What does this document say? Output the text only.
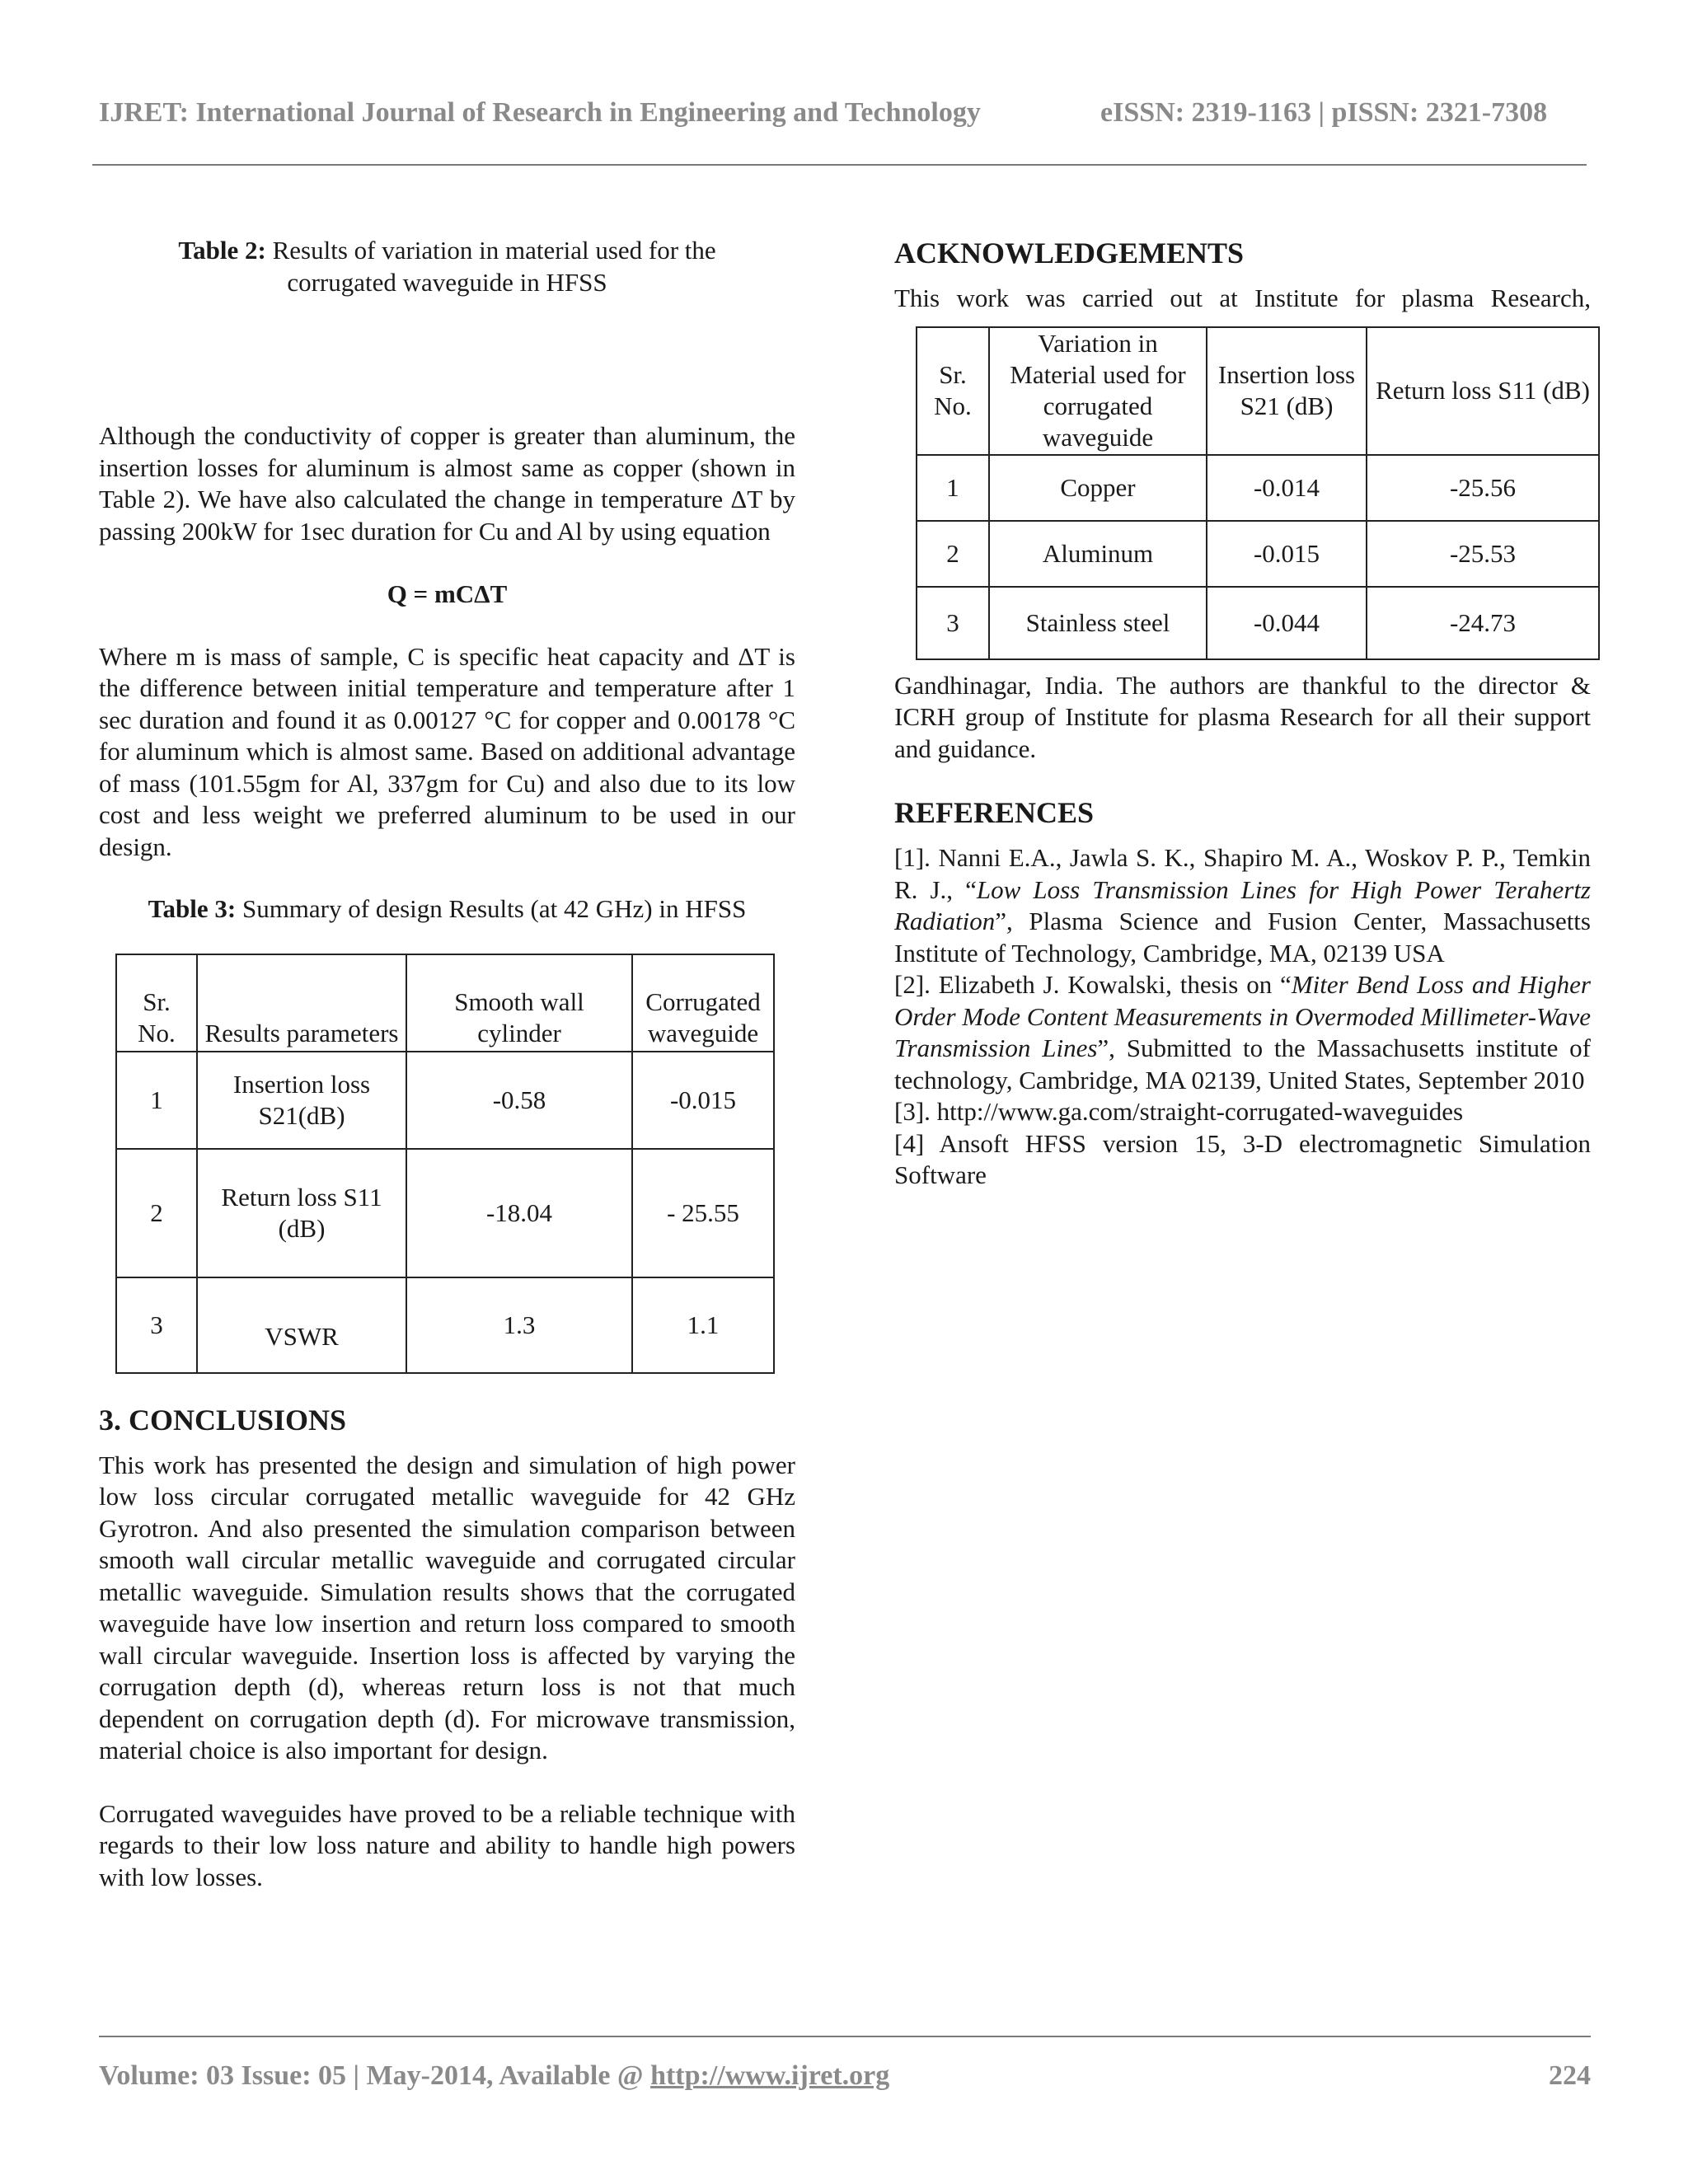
IJRET: International Journal of Research in Engineering and Technology	eISSN: 2319-1163 | pISSN: 2321-7308
Table 2: Results of variation in material used for the corrugated waveguide in HFSS

Although the conductivity of copper is greater than aluminum, the insertion losses for aluminum is almost same as copper (shown in Table 2). We have also calculated the change in temperature ΔT by passing 200kW for 1sec duration for Cu and Al by using equation

Q = mCΔT

Where m is mass of sample, C is specific heat capacity and ΔT is the difference between initial temperature and temperature after 1 sec duration and found it as 0.00127 °C for copper and 0.00178 °C for aluminum which is almost same. Based on additional advantage of mass (101.55gm for Al, 337gm for Cu) and also due to its low cost and less weight we preferred aluminum to be used in our design.

Table 3: Summary of design Results (at 42 GHz) in HFSS
Sr. No.	Results parameters	Smooth wall cylinder	Corrugated waveguide
1	Insertion loss S21(dB)	-0.58	-0.015
2	Return loss S11 (dB)	-18.04	- 25.55
3	VSWR	1.3	1.1
3. CONCLUSIONS

This work has presented the design and simulation of high power low loss circular corrugated metallic waveguide for 42 GHz Gyrotron. And also presented the simulation comparison between smooth wall circular metallic waveguide and corrugated circular metallic waveguide. Simulation results shows that the corrugated waveguide have low insertion and return loss compared to smooth wall circular waveguide. Insertion loss is affected by varying the corrugation depth (d), whereas return loss is not that much dependent on corrugation depth (d). For microwave transmission, material choice is also important for design.

Corrugated waveguides have proved to be a reliable technique with regards to their low loss nature and ability to handle high powers with low losses.

ACKNOWLEDGEMENTS

This work was carried out at Institute for plasma Research,

Sr. No.	Variation in Material used for corrugated waveguide	Insertion loss S21 (dB)	Return loss S11 (dB)
1	Copper	-0.014	-25.56
2	Aluminum	-0.015	-25.53
3	Stainless steel	-0.044	-24.73

Gandhinagar, India. The authors are thankful to the director & ICRH group of Institute for plasma Research for all their support and guidance.

REFERENCES

[1]. Nanni E.A., Jawla S. K., Shapiro M. A., Woskov P. P., Temkin R. J., “Low Loss Transmission Lines for High Power Terahertz Radiation”, Plasma Science and Fusion Center, Massachusetts Institute of Technology, Cambridge, MA, 02139 USA

[2]. Elizabeth J. Kowalski, thesis on “Miter Bend Loss and Higher Order Mode Content Measurements in Overmoded Millimeter-Wave Transmission Lines”, Submitted to the Massachusetts institute of technology, Cambridge, MA 02139, United States, September 2010

[3]. http://www.ga.com/straight-corrugated-waveguides

[4] Ansoft HFSS version 15, 3-D electromagnetic Simulation Software

Volume: 03 Issue: 05 | May-2014, Available @ http://www.ijret.org	224
